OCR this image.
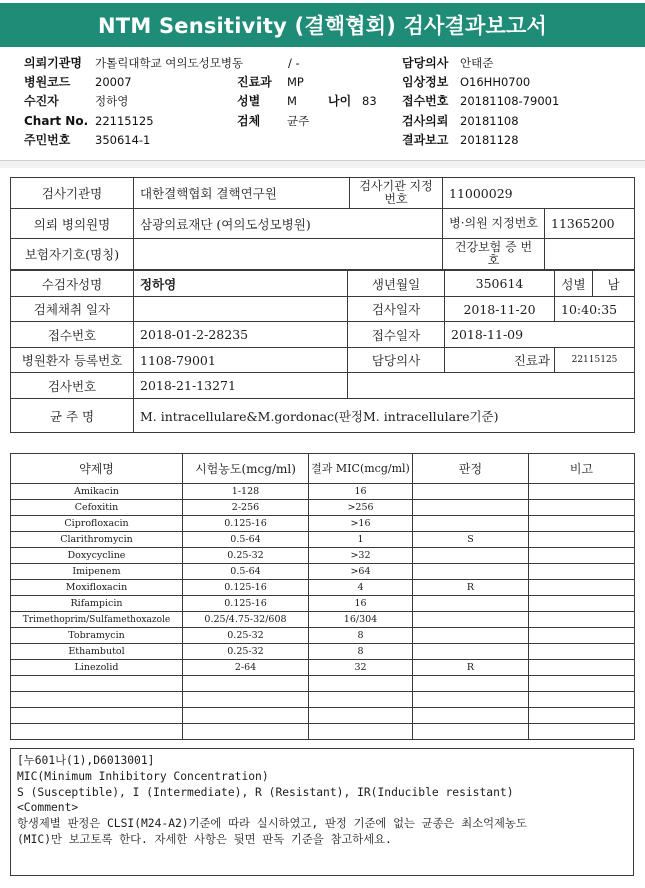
NTM Sensitivity (결핵협회) 검사결과보고서
의뢰기관명 가톨릭대학교 여의도성모병동	/ -	담당의사 안태준
병원코드 20007	진료과 MP	임상정보 O16HH0700
수진자	정하영	성별 M	나이 83 접수번호 20181108-79001
Chart No. 22115125	검체 균주	검사의뢰 20181108
주민번호 350614-1	결과보고 20181128
검사기관명	대한결핵협회 결핵연구원	검사기관 지정번호	11000029	
의뢰 병의원명	삼광의료재단 (여의도성모병원)		병·의원 지정번호	11365200
보험자기호(명칭)			건강보험 증 번 호	
수검자성명	정하영	생년월일	350614	성별	남
검체채취 일자		검사일자	2018-11-20	10:40:35	
접수번호	2018-01-2-28235	접수일자	2018-11-09		
병원환자 등록번호	1108-79001	담당의사	진료과	22115125	
검사번호	2018-21-13271				
균 주 명	M. intracellulare&M.gordonac(판정M. intracellulare기준)				
약제명	시험농도(mcg/ml)	결과 MIC(mcg/ml)	판정	비고
Amikacin	1-128	16		
Cefoxitin	2-256	>256		
Ciprofloxacin	0.125-16	>16		
Clarithromycin	0.5-64	1	S	
Doxycycline	0.25-32	>32		
Imipenem	0.5-64	>64		
Moxifloxacin	0.125-16	4	R	
Rifampicin	0.125-16	16		
Trimethoprim/Sulfamethoxazole	0.25/4.75-32/608	16/304		
Tobramycin	0.25-32	8		
Ethambutol	0.25-32	8		
Linezolid	2-64	32	R	

[누601나(1),D6013001]
MIC(Minimum Inhibitory Concentration)
S (Susceptible), I (Intermediate), R (Resistant), IR(Inducible resistant)
<Comment>
항생제별 판정은 CLSI(M24-A2)기준에 따라 실시하였고, 판정 기준에 없는 균종은 최소억제농도
(MIC)만 보고토록 한다. 자세한 사항은 뒷면 판독 기준을 참고하세요.
